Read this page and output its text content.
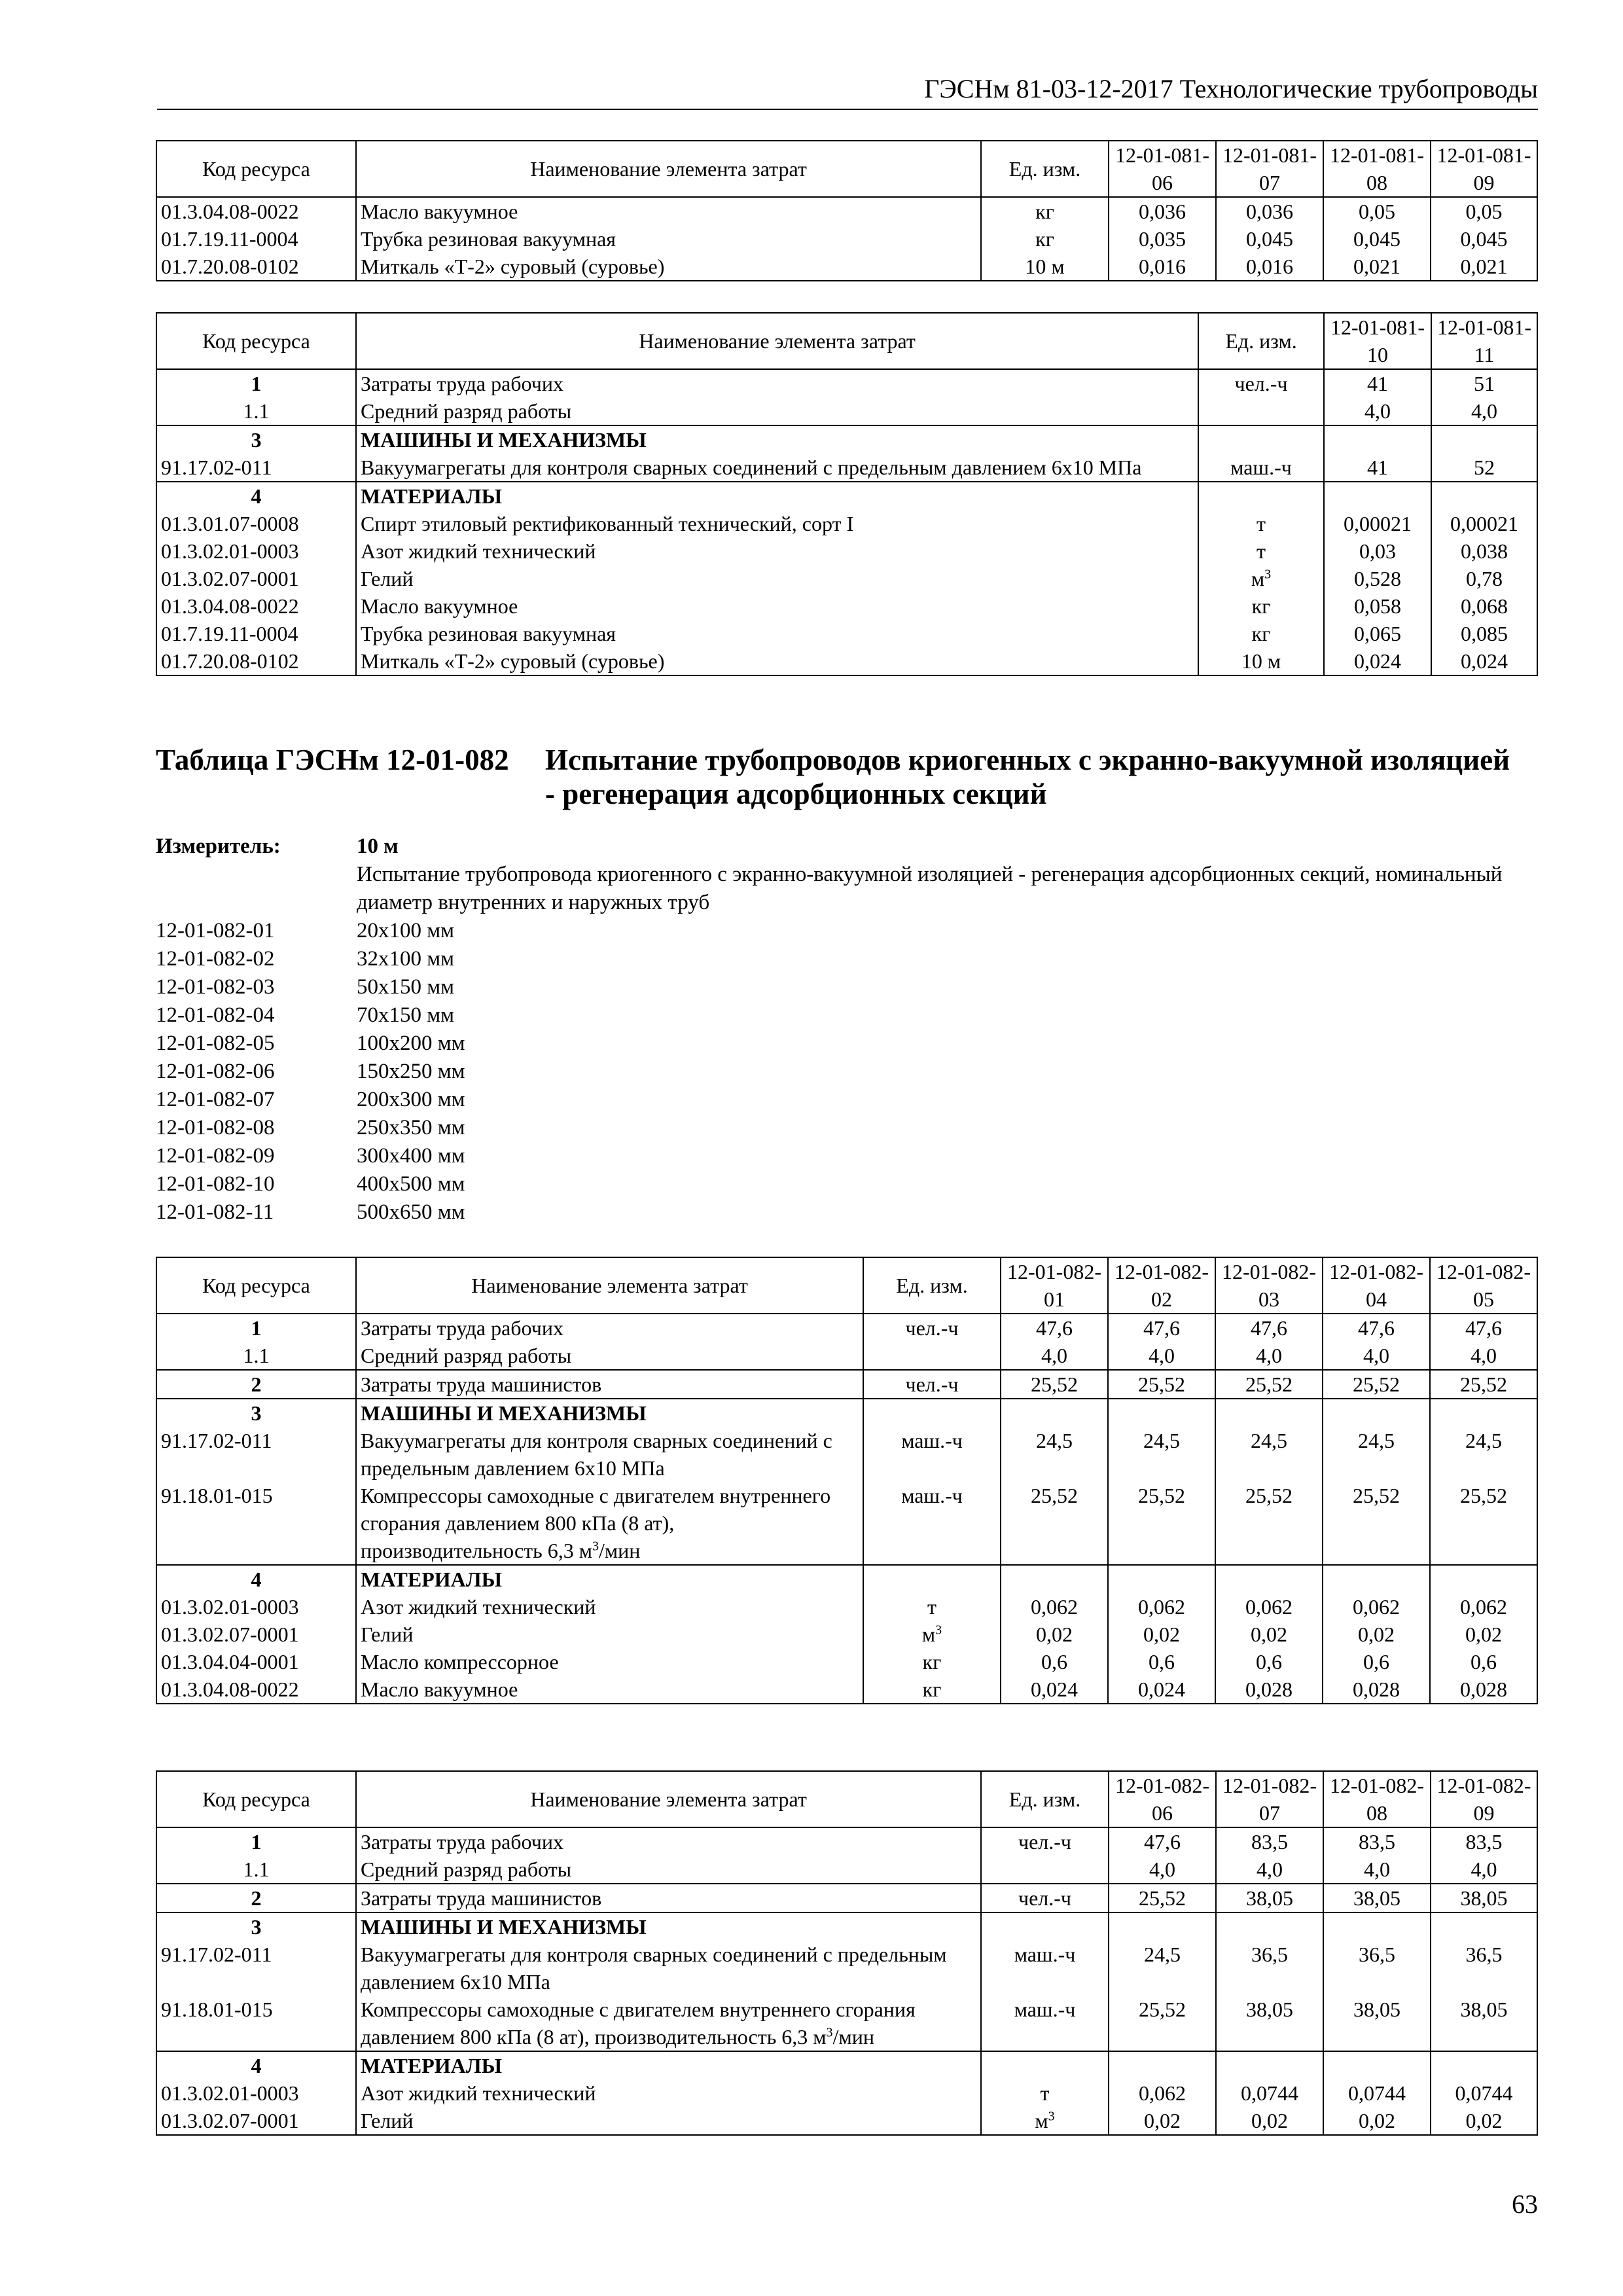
ГЭСНм 81-03-12-2017 Технологические трубопроводы
Код ресурса	Наименование элемента затрат	Ед. изм.	12-01-081-06	12-01-081-07	12-01-081-08	12-01-081-09
01.3.04.08-0022	Масло вакуумное	кг	0,036	0,036	0,05	0,05
01.7.19.11-0004	Трубка резиновая вакуумная	кг	0,035	0,045	0,045	0,045
01.7.20.08-0102	Миткаль «Т-2» суровый (суровье)	10 м	0,016	0,016	0,021	0,021
Код ресурса	Наименование элемента затрат	Ед. изм.	12-01-081-10	12-01-081-11
1	Затраты труда рабочих	чел.-ч	41	51
1.1	Средний разряд работы		4,0	4,0
3	МАШИНЫ И МЕХАНИЗМЫ			
91.17.02-011	Вакуумагрегаты для контроля сварных соединений с предельным давлением 6х10 МПа	маш.-ч	41	52
4	МАТЕРИАЛЫ			
01.3.01.07-0008	Спирт этиловый ректификованный технический, сорт I	т	0,00021	0,00021
01.3.02.01-0003	Азот жидкий технический	т	0,03	0,038
01.3.02.07-0001	Гелий	$м^3$	0,528	0,78
01.3.04.08-0022	Масло вакуумное	кг	0,058	0,068
01.7.19.11-0004	Трубка резиновая вакуумная	кг	0,065	0,085
01.7.20.08-0102	Миткаль «Т-2» суровый (суровье)	10 м	0,024	0,024
Таблица ГЭСНм 12-01-082 Испытание трубопроводов криогенных с экранно-вакуумной изоляцией - регенерация адсорбционных секций
Измеритель:	10 м
Испытание трубопровода криогенного с экранно-вакуумной изоляцией - регенерация адсорбционных секций, номинальный диаметр внутренних и наружных труб
12-01-082-01	20х100 мм
12-01-082-02	32х100 мм
12-01-082-03	50х150 мм
12-01-082-04	70х150 мм
12-01-082-05	100х200 мм
12-01-082-06	150х250 мм
12-01-082-07	200х300 мм
12-01-082-08	250х350 мм
12-01-082-09	300х400 мм
12-01-082-10	400х500 мм
12-01-082-11	500х650 мм
Код ресурса	Наименование элемента затрат	Ед. изм.	12-01-082-01	12-01-082-02	12-01-082-03	12-01-082-04	12-01-082-05
1	Затраты труда рабочих	чел.-ч	47,6	47,6	47,6	47,6	47,6
1.1	Средний разряд работы		4,0	4,0	4,0	4,0	4,0
2	Затраты труда машинистов	чел.-ч	25,52	25,52	25,52	25,52	25,52
3	МАШИНЫ И МЕХАНИЗМЫ						
91.17.02-011	Вакуумагрегаты для контроля сварных соединений с предельным давлением 6х10 МПа	маш.-ч	24,5	24,5	24,5	24,5	24,5
91.18.01-015	Компрессоры самоходные с двигателем внутреннего сгорания давлением 800 кПа (8 ат), производительность 6,3 $м^3$/мин	маш.-ч	25,52	25,52	25,52	25,52	25,52
4	МАТЕРИАЛЫ						
01.3.02.01-0003	Азот жидкий технический	т	0,062	0,062	0,062	0,062	0,062
01.3.02.07-0001	Гелий	$м^3$	0,02	0,02	0,02	0,02	0,02
01.3.04.04-0001	Масло компрессорное	кг	0,6	0,6	0,6	0,6	0,6
01.3.04.08-0022	Масло вакуумное	кг	0,024	0,024	0,028	0,028	0,028
Код ресурса	Наименование элемента затрат	Ед. изм.	12-01-082-06	12-01-082-07	12-01-082-08	12-01-082-09
1	Затраты труда рабочих	чел.-ч	47,6	83,5	83,5	83,5
1.1	Средний разряд работы		4,0	4,0	4,0	4,0
2	Затраты труда машинистов	чел.-ч	25,52	38,05	38,05	38,05
3	МАШИНЫ И МЕХАНИЗМЫ					
91.17.02-011	Вакуумагрегаты для контроля сварных соединений с предельным давлением 6х10 МПа	маш.-ч	24,5	36,5	36,5	36,5
91.18.01-015	Компрессоры самоходные с двигателем внутреннего сгорания давлением 800 кПа (8 ат), производительность 6,3 $м^3$/мин	маш.-ч	25,52	38,05	38,05	38,05
4	МАТЕРИАЛЫ					
01.3.02.01-0003	Азот жидкий технический	т	0,062	0,0744	0,0744	0,0744
01.3.02.07-0001	Гелий	$м^3$	0,02	0,02	0,02	0,02
63
